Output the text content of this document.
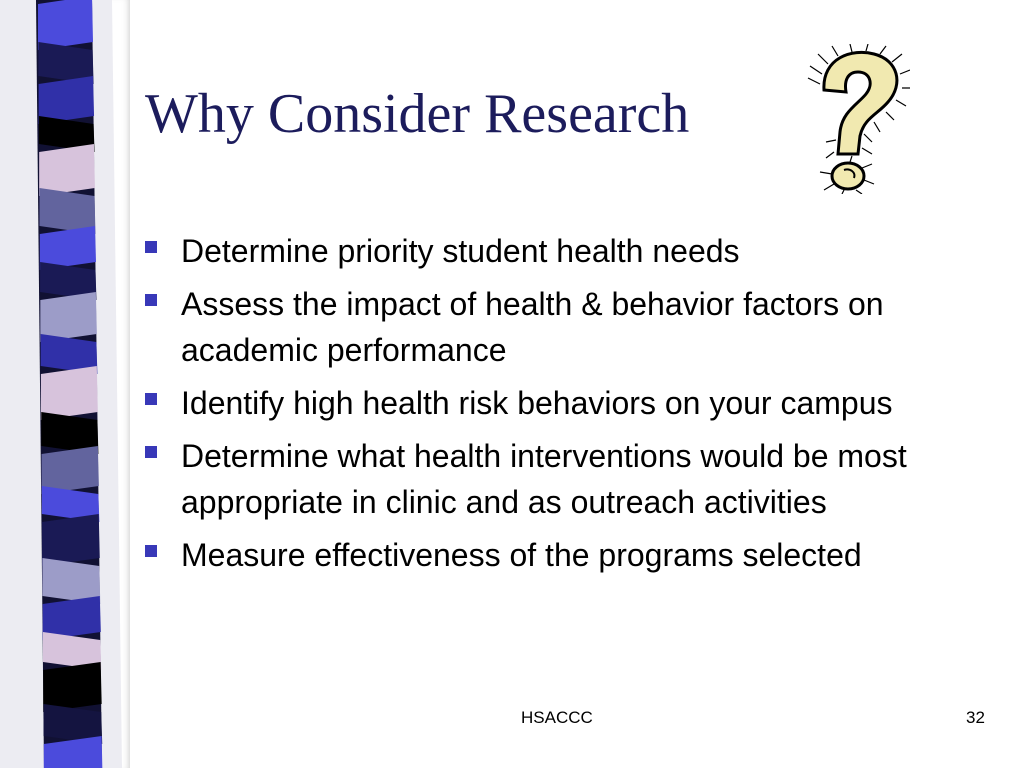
Why Consider Research
Determine priority student health needs
Assess the impact of health & behavior factors on academic performance
Identify high health risk behaviors on your campus
Determine what health interventions would be most appropriate in clinic and as outreach activities
Measure effectiveness of the programs selected
HSACCC	32
